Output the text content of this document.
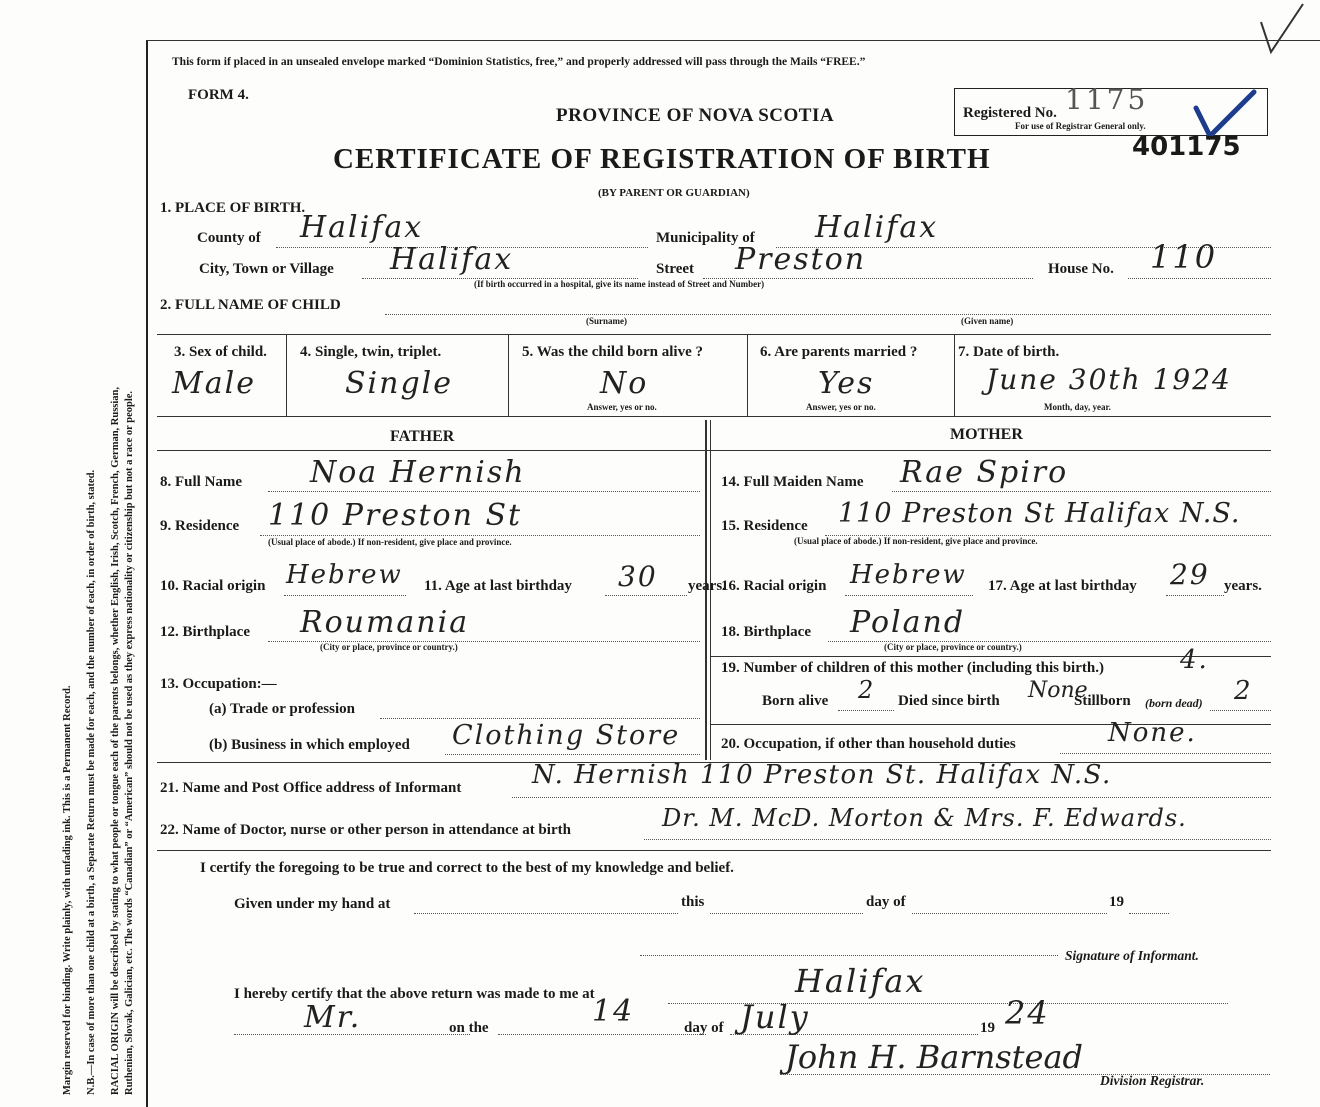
Margin reserved for binding. Write plainly, with unfading ink. This is a Permanent Record. N.B.—In case of more than one child at a birth, a Separate Return must be made for each, and the number of each, in order of birth, stated. RACIAL ORIGIN will be described by stating to what people or tongue each of the parents belongs, whether English, Irish, Scotch, French, German, Russian, Ruthenian, Slovak, Galician, etc. The words “Canadian” or “American” should not be used as they express nationality or citizenship but not a race or people.
This form if placed in an unsealed envelope marked “Dominion Statistics, free,” and properly addressed will pass through the Mails “FREE.”
FORM 4.
PROVINCE OF NOVA SCOTIA
CERTIFICATE OF REGISTRATION OF BIRTH
(BY PARENT OR GUARDIAN)
Registered No. 1175
For use of Registrar General only.
401175
1. PLACE OF BIRTH.
County of Halifax	Municipality of Halifax
City, Town or Village Halifax	Street Preston	House No. 110
(If birth occurred in a hospital, give its name instead of Street and Number)
2. FULL NAME OF CHILD
(Surname)	(Given name)
3. Sex of child.
Male
4. Single, twin, triplet.
Single
5. Was the child born alive ?
No
Answer, yes or no.
6. Are parents married ?
Yes
Answer, yes or no.
7. Date of birth.
June 30th 1924
Month, day, year.
FATHER	MOTHER
8. Full Name Noa Hernish
9. Residence 110 Preston St
(Usual place of abode.) If non-resident, give place and province.
10. Racial origin Hebrew 11. Age at last birthday 30 years.
12. Birthplace Roumania
(City or place, province or country.)
13. Occupation:—
(a) Trade or profession
(b) Business in which employed Clothing Store
14. Full Maiden Name Rae Spiro
15. Residence 110 Preston St Halifax N.S.
(Usual place of abode.) If non-resident, give place and province.
16. Racial origin Hebrew 17. Age at last birthday 29 years.
18. Birthplace Poland
(City or place, province or country.)
19. Number of children of this mother (including this birth.)	4.
Born alive 2 Died since birth None
Stillborn (born dead) 2
20. Occupation, if other than household duties	None.
21. Name and Post Office address of Informant	N. Hernish 110 Preston St. Halifax N.S.
22. Name of Doctor, nurse or other person in attendance at birth	Dr. M. McD. Morton & Mrs. F. Edwards.
I certify the foregoing to be true and correct to the best of my knowledge and belief.
Given under my hand at	this	day of	19
Signature of Informant.
I hereby certify that the above return was made to me at	Halifax
Mr.	on the	14	day of July	19 24
John H. Barnstead
Division Registrar.
